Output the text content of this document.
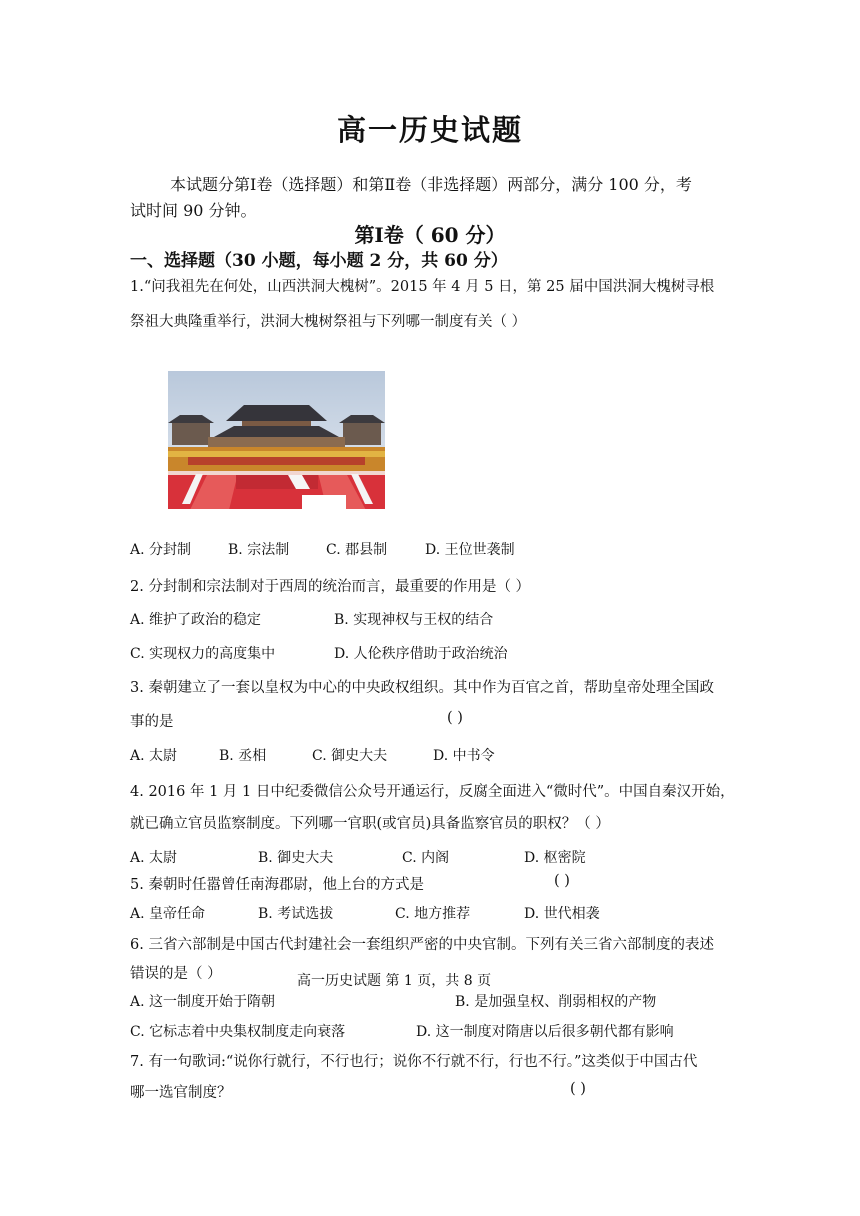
高一历史试题
本试题分第Ⅰ卷（选择题）和第Ⅱ卷（非选择题）两部分，满分 100 分，考
试时间 90 分钟。
第Ⅰ卷（ 60 分）
一、选择题（30 小题，每小题 2 分，共 60 分）
1.“问我祖先在何处，山西洪洞大槐树”。2015 年 4 月 5 日，第 25 届中国洪洞大槐树寻根
祭祖大典隆重举行，洪洞大槐树祭祖与下列哪一制度有关（ ）
A. 分封制	B. 宗法制	C. 郡县制	D. 王位世袭制
2. 分封制和宗法制对于西周的统治而言，最重要的作用是（ ）
A. 维护了政治的稳定	B. 实现神权与王权的结合
C. 实现权力的高度集中	D. 人伦秩序借助于政治统治
3. 秦朝建立了一套以皇权为中心的中央政权组织。其中作为百官之首，帮助皇帝处理全国政
事的是	( )
A. 太尉	B. 丞相	C. 御史大夫	D. 中书令
4. 2016 年 1 月 1 日中纪委微信公众号开通运行，反腐全面进入“微时代”。中国自秦汉开始，
就已确立官员监察制度。下列哪一官职(或官员)具备监察官员的职权？（ ）
A. 太尉	B. 御史大夫	C. 内阁	D. 枢密院
5. 秦朝时任嚣曾任南海郡尉，他上台的方式是	( )
A. 皇帝任命	B. 考试选拔	C. 地方推荐	D. 世代相袭
6. 三省六部制是中国古代封建社会一套组织严密的中央官制。下列有关三省六部制度的表述
错误的是（ ）	高一历史试题 第 1 页，共 8 页
A. 这一制度开始于隋朝	B. 是加强皇权、削弱相权的产物
C. 它标志着中央集权制度走向衰落	D. 这一制度对隋唐以后很多朝代都有影响
7. 有一句歌词:“说你行就行，不行也行；说你不行就不行，行也不行。”这类似于中国古代
哪一选官制度？	( )
